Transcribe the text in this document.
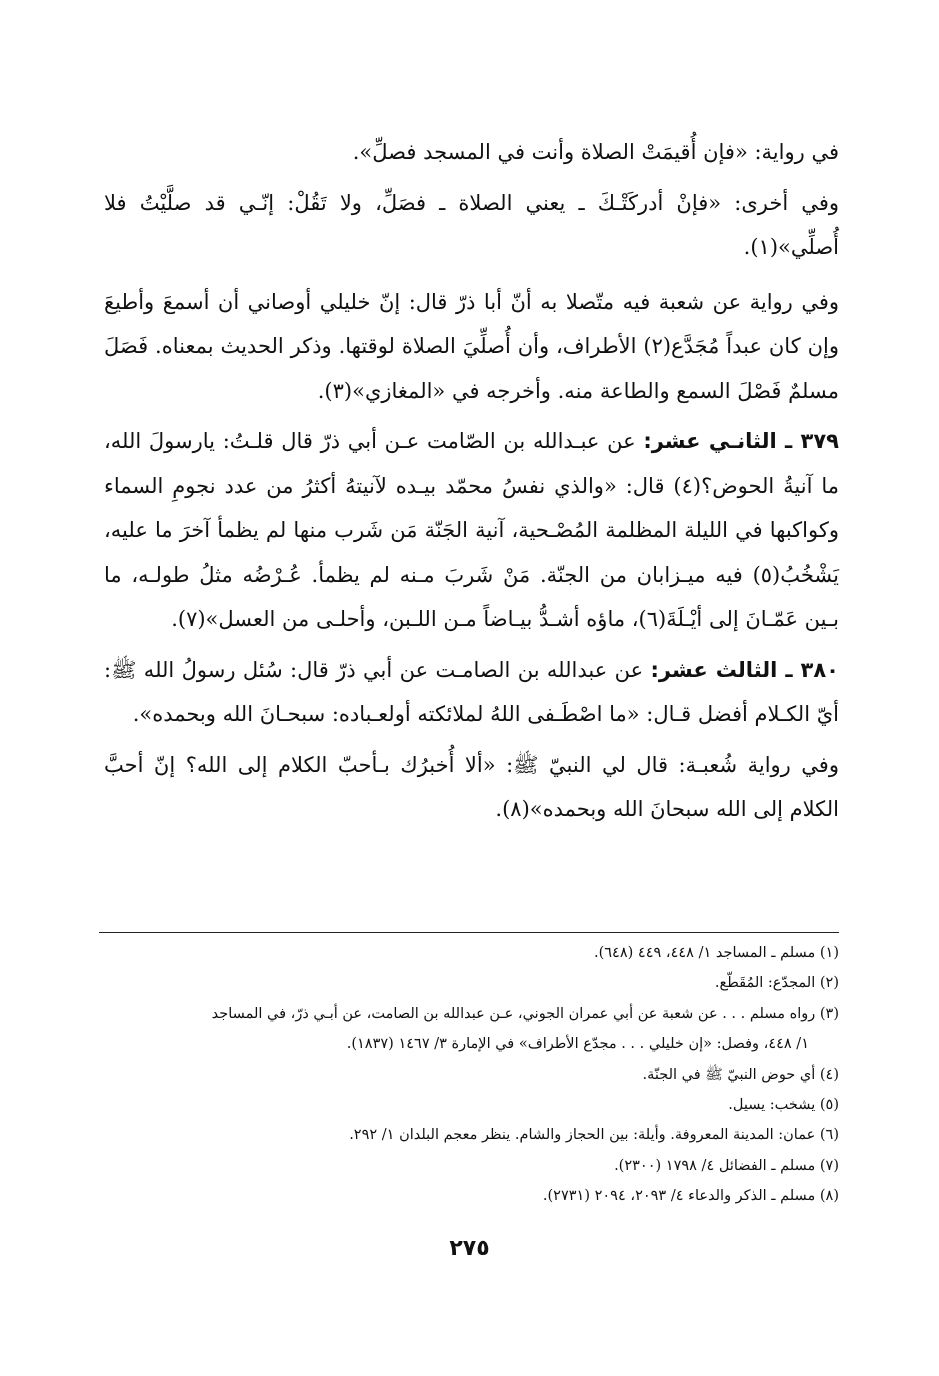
في رواية: «فإن أُقيمَتْ الصلاة وأنت في المسجد فصلِّ».

وفي أخرى: «فإنْ أدركَتْـكَ ـ يعني الصلاة ـ فصَلِّ، ولا تَقُلْ: إنّـي قد صلَّيْتُ فلا أُصلِّي»(١).

وفي رواية عن شعبة فيه متّصلا به أنّ أبا ذرّ قال: إنّ خليلي أوصاني أن أسمعَ وأطيعَ وإن كان عبداً مُجَدَّع(٢) الأطراف، وأن أُصلِّيَ الصلاة لوقتها. وذكر الحديث بمعناه. فَصَلَ مسلمٌ فَصْلَ السمع والطاعة منه. وأخرجه في «المغازي»(٣).

٣٧٩ ـ الثانـي عشر: عن عبـدالله بن الصّامت عـن أبي ذرّ قال قلـتُ: يارسولَ الله، ما آنيةُ الحوض؟(٤) قال: «والذي نفسُ محمّد بيـده لآنيتهُ أكثرُ من عدد نجومِ السماء وكواكبها في الليلة المظلمة المُصْـحية، آنية الجَنّة مَن شَرب منها لم يظمأ آخرَ ما عليه، يَشْخُبُ(٥) فيه ميـزابان من الجنّة. مَنْ شَربَ مـنه لم يظمأ. عُـرْضُه مثلُ طولـه، ما بـين عَمّـانَ إلى أيْـلَةَ(٦)، ماؤه أشـدُّ بيـاضاً مـن اللـبن، وأحلـى من العسل»(٧).

٣٨٠ ـ الثالث عشر: عن عبدالله بن الصامـت عن أبي ذرّ قال: سُئل رسولُ الله ﷺ: أيّ الكـلام أفضل قـال: «ما اصْطَـفى اللهُ لملائكته أولعـباده: سبحـانَ الله وبحمده».

وفي رواية شُعبـة: قال لي النبيّ ﷺ: «ألا أُخبرُك بـأحبّ الكلام إلى الله؟ إنّ أحبَّ الكلام إلى الله سبحانَ الله وبحمده»(٨).

(١) مسلم ـ المساجد ١/ ٤٤٨، ٤٤٩ (٦٤٨).

(٢) المجدّع: المُقَطّع.

(٣) رواه مسلم . . . عن شعبة عن أبي عمران الجوني، عـن عبدالله بن الصامت، عن أبـي ذرّ، في المساجد

١/ ٤٤٨، وفصل: «إن خليلي . . . مجدّع الأطراف» في الإمارة ٣/ ١٤٦٧ (١٨٣٧).

(٤) أي حوض النبيّ ﷺ في الجنّة.

(٥) يشخب: يسيل.

(٦) عمان: المدينة المعروفة. وأيلة: بين الحجاز والشام. ينظر معجم البلدان ١/ ٢٩٢.

(٧) مسلم ـ الفضائل ٤/ ١٧٩٨ (٢٣٠٠).

(٨) مسلم ـ الذكر والدعاء ٤/ ٢٠٩٣، ٢٠٩٤ (٢٧٣١).

٢٧٥
